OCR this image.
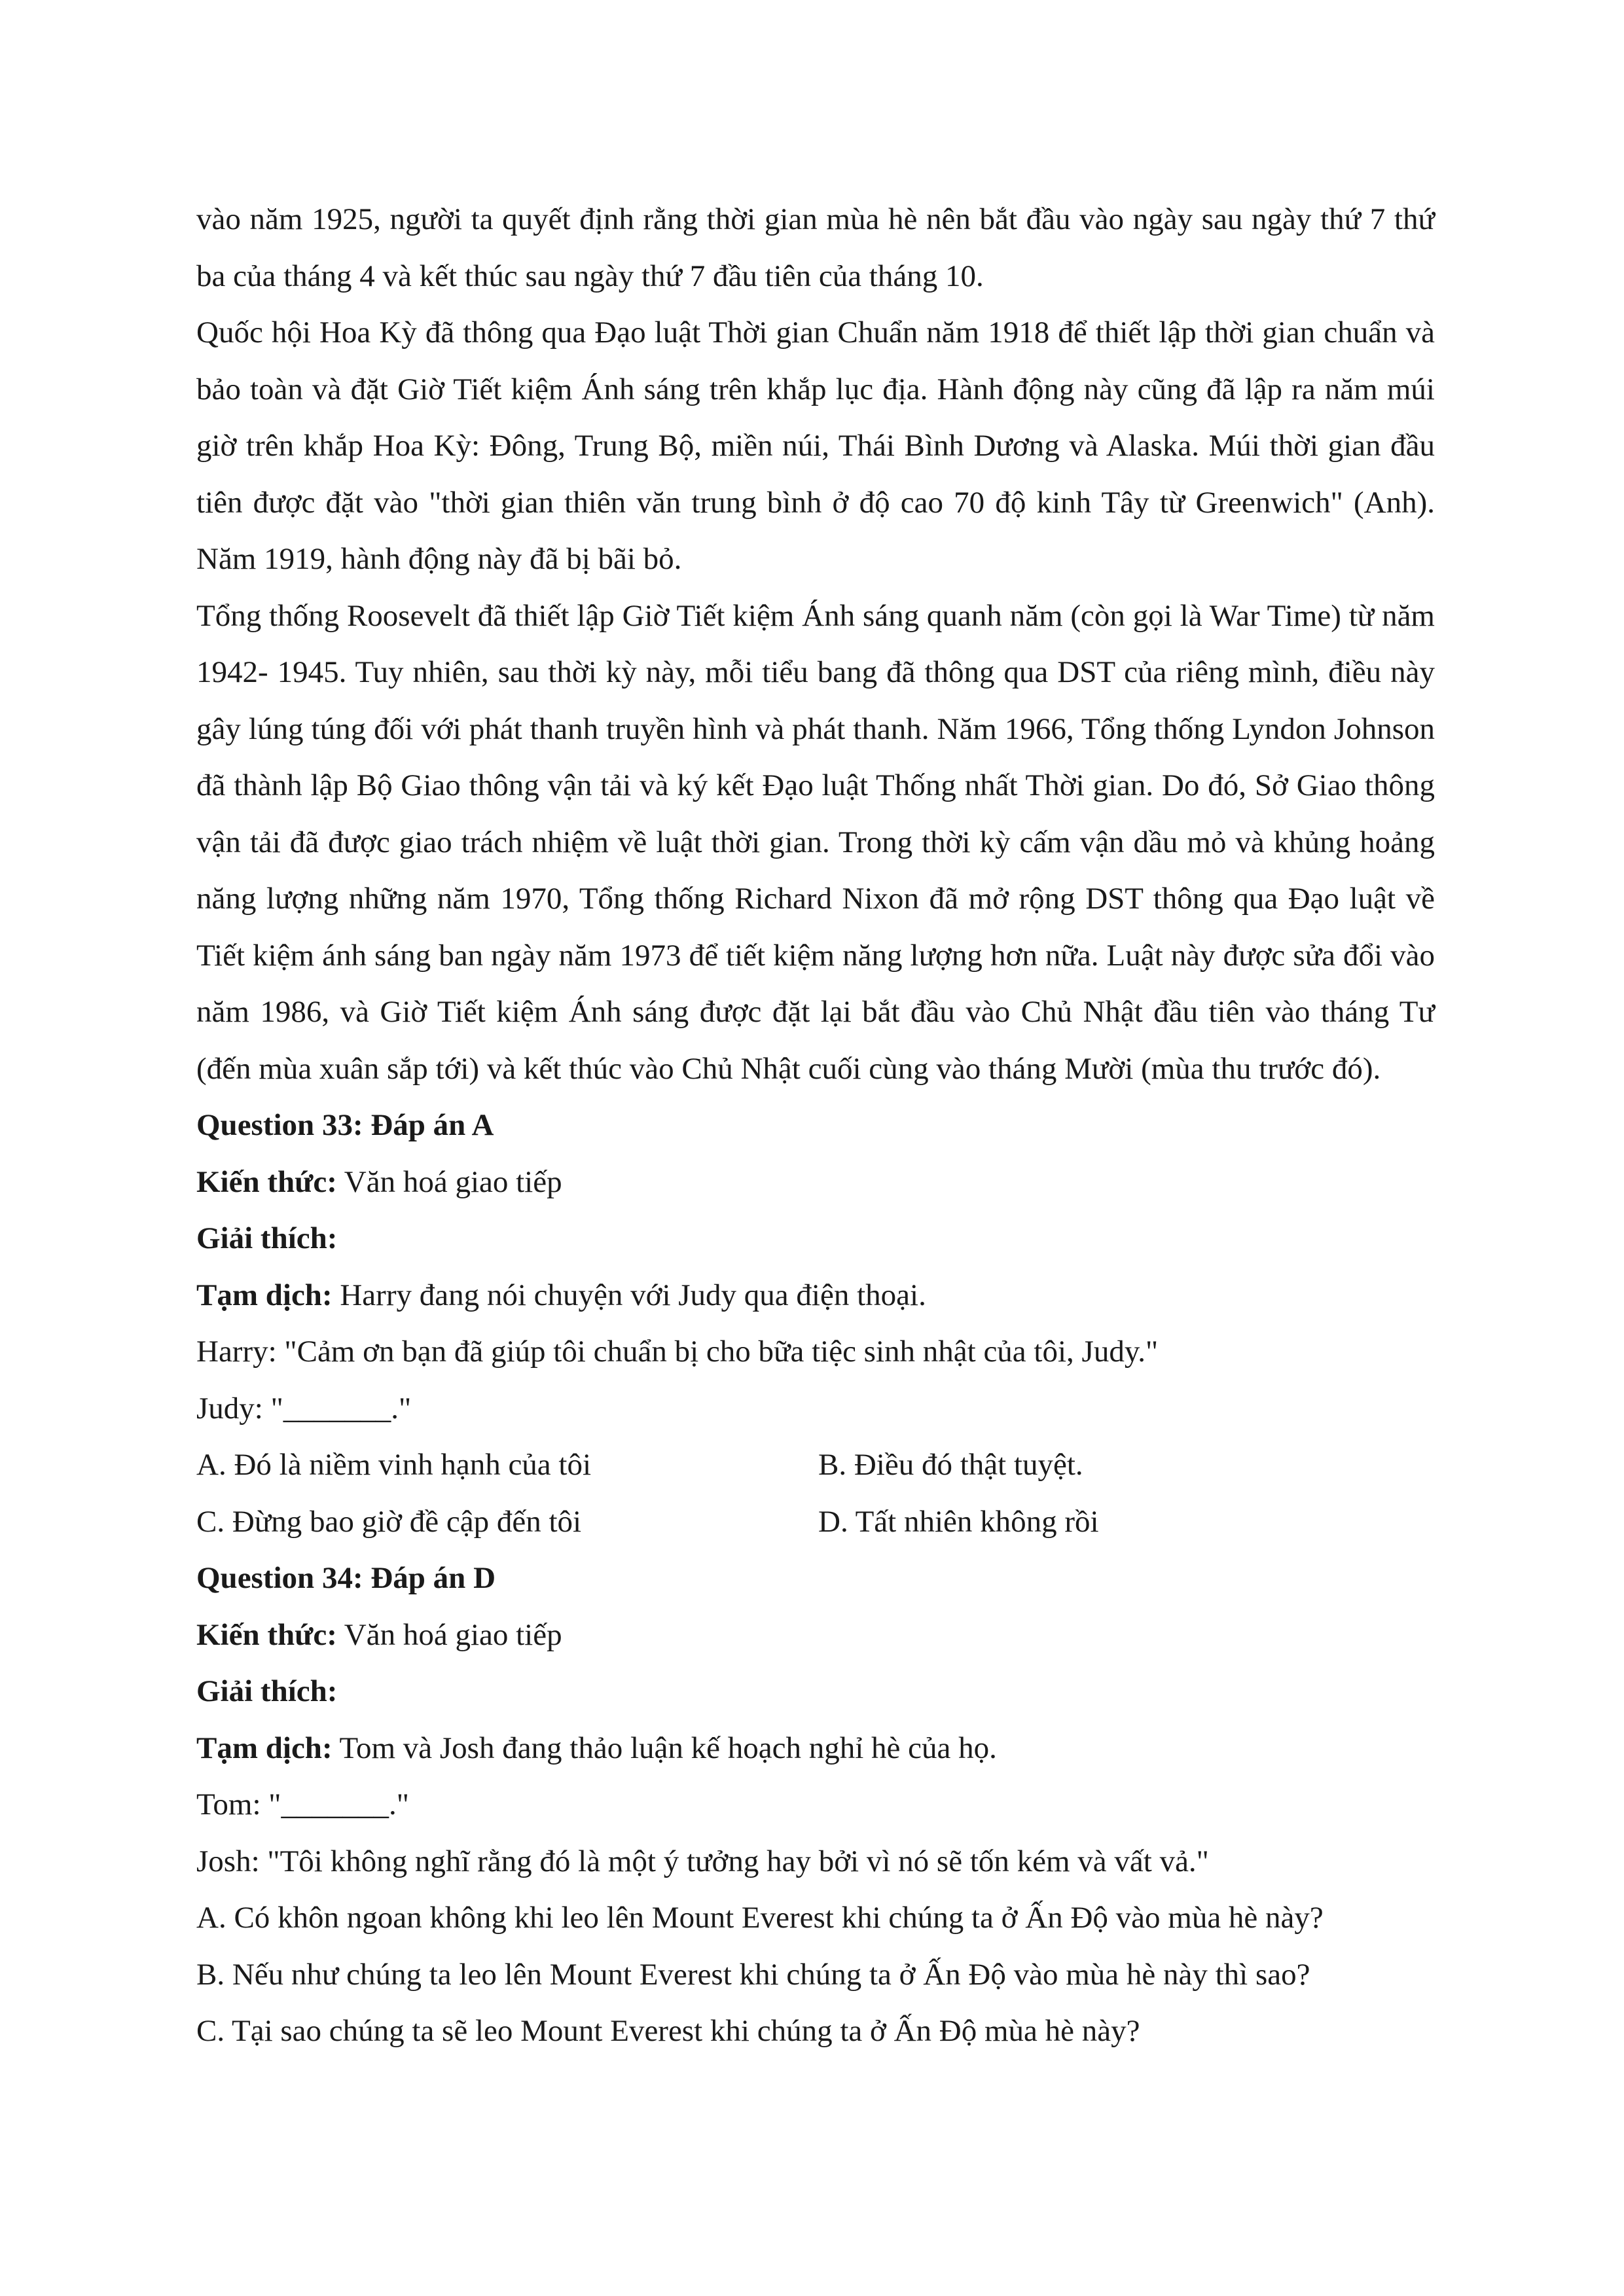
vào năm 1925, người ta quyết định rằng thời gian mùa hè nên bắt đầu vào ngày sau ngày thứ 7 thứ ba của tháng 4 và kết thúc sau ngày thứ 7 đầu tiên của tháng 10.

Quốc hội Hoa Kỳ đã thông qua Đạo luật Thời gian Chuẩn năm 1918 để thiết lập thời gian chuẩn và bảo toàn và đặt Giờ Tiết kiệm Ánh sáng trên khắp lục địa. Hành động này cũng đã lập ra năm múi giờ trên khắp Hoa Kỳ: Đông, Trung Bộ, miền núi, Thái Bình Dương và Alaska. Múi thời gian đầu tiên được đặt vào "thời gian thiên văn trung bình ở độ cao 70 độ kinh Tây từ Greenwich" (Anh). Năm 1919, hành động này đã bị bãi bỏ.

Tổng thống Roosevelt đã thiết lập Giờ Tiết kiệm Ánh sáng quanh năm (còn gọi là War Time) từ năm 1942- 1945. Tuy nhiên, sau thời kỳ này, mỗi tiểu bang đã thông qua DST của riêng mình, điều này gây lúng túng đối với phát thanh truyền hình và phát thanh. Năm 1966, Tổng thống Lyndon Johnson đã thành lập Bộ Giao thông vận tải và ký kết Đạo luật Thống nhất Thời gian. Do đó, Sở Giao thông vận tải đã được giao trách nhiệm về luật thời gian. Trong thời kỳ cấm vận dầu mỏ và khủng hoảng năng lượng những năm 1970, Tổng thống Richard Nixon đã mở rộng DST thông qua Đạo luật về Tiết kiệm ánh sáng ban ngày năm 1973 để tiết kiệm năng lượng hơn nữa. Luật này được sửa đổi vào năm 1986, và Giờ Tiết kiệm Ánh sáng được đặt lại bắt đầu vào Chủ Nhật đầu tiên vào tháng Tư (đến mùa xuân sắp tới) và kết thúc vào Chủ Nhật cuối cùng vào tháng Mười (mùa thu trước đó).

Question 33: Đáp án A

Kiến thức: Văn hoá giao tiếp

Giải thích:

Tạm dịch: Harry đang nói chuyện với Judy qua điện thoại.

Harry: "Cảm ơn bạn đã giúp tôi chuẩn bị cho bữa tiệc sinh nhật của tôi, Judy."

Judy: "_______."

A. Đó là niềm vinh hạnh của tôi	B. Điều đó thật tuyệt.
C. Đừng bao giờ đề cập đến tôi	D. Tất nhiên không rồi

Question 34: Đáp án D

Kiến thức: Văn hoá giao tiếp

Giải thích:

Tạm dịch: Tom và Josh đang thảo luận kế hoạch nghỉ hè của họ.

Tom: "_______."

Josh: "Tôi không nghĩ rằng đó là một ý tưởng hay bởi vì nó sẽ tốn kém và vất vả."

A. Có khôn ngoan không khi leo lên Mount Everest khi chúng ta ở Ấn Độ vào mùa hè này?

B. Nếu như chúng ta leo lên Mount Everest khi chúng ta ở Ấn Độ vào mùa hè này thì sao?

C. Tại sao chúng ta sẽ leo Mount Everest khi chúng ta ở Ấn Độ mùa hè này?
